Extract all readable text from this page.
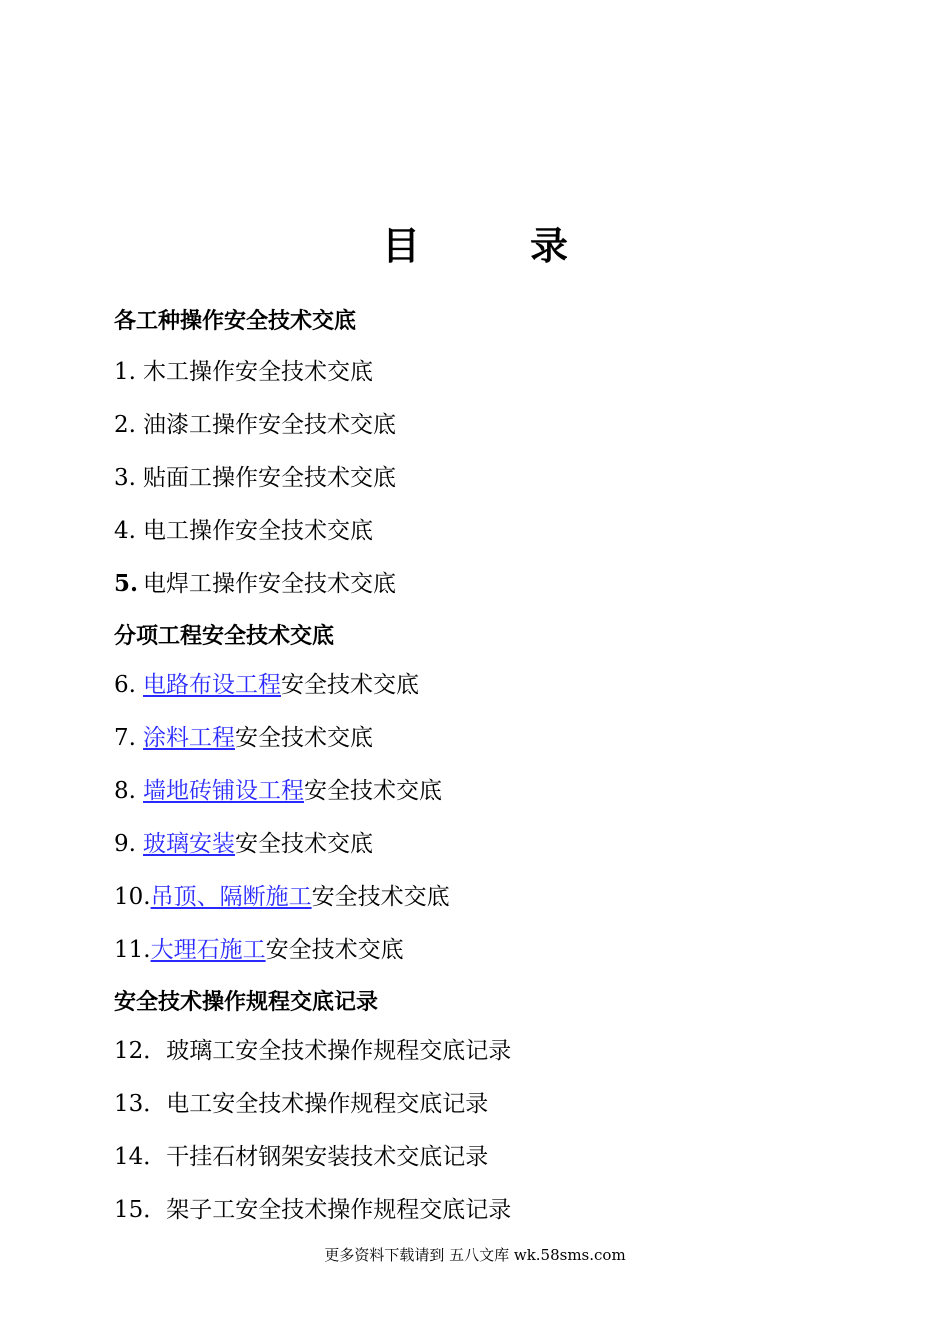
目　录
各工种操作安全技术交底
1. 木工操作安全技术交底
2. 油漆工操作安全技术交底
3. 贴面工操作安全技术交底
4. 电工操作安全技术交底
5. 电焊工操作安全技术交底
分项工程安全技术交底
6. 电路布设工程安全技术交底
7. 涂料工程安全技术交底
8. 墙地砖铺设工程安全技术交底
9. 玻璃安装安全技术交底
10.吊顶、隔断施工安全技术交底
11.大理石施工安全技术交底
安全技术操作规程交底记录
12．玻璃工安全技术操作规程交底记录
13．电工安全技术操作规程交底记录
14．干挂石材钢架安装技术交底记录
15．架子工安全技术操作规程交底记录
更多资料下载请到 五八文库 wk.58sms.com
